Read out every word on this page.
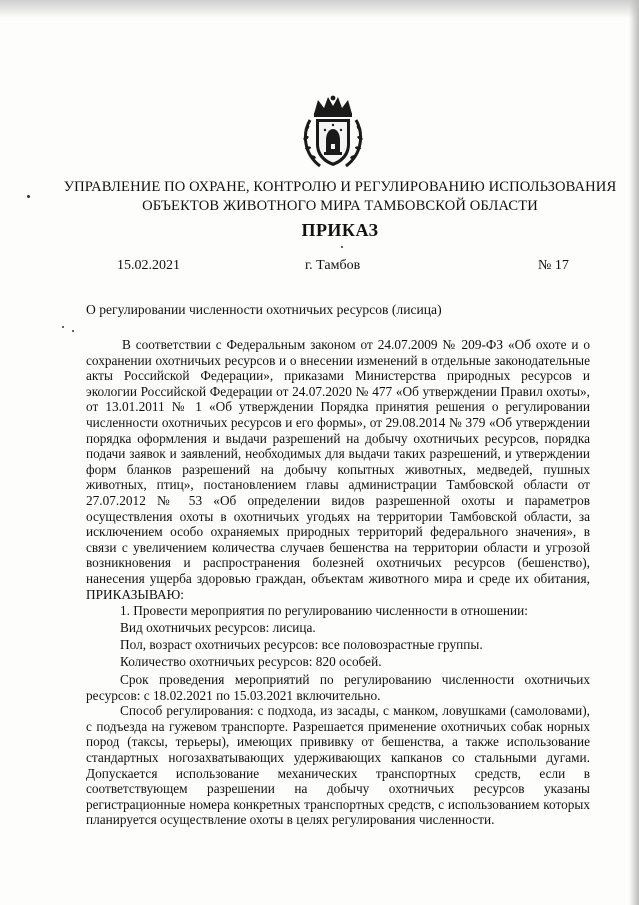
УПРАВЛЕНИЕ ПО ОХРАНЕ, КОНТРОЛЮ И РЕГУЛИРОВАНИЮ ИСПОЛЬЗОВАНИЯ ОБЪЕКТОВ ЖИВОТНОГО МИРА ТАМБОВСКОЙ ОБЛАСТИ
ПРИКАЗ
15.02.2021	г. Тамбов	№ 17
О регулировании численности охотничьих ресурсов (лисица)

В соответствии с Федеральным законом от 24.07.2009 № 209-ФЗ «Об охоте и о сохранении охотничьих ресурсов и о внесении изменений в отдельные законодательные акты Российской Федерации», приказами Министерства природных ресурсов и экологии Российской Федерации от 24.07.2020 № 477 «Об утверждении Правил охоты», от 13.01.2011 № 1 «Об утверждении Порядка принятия решения о регулировании численности охотничьих ресурсов и его формы», от 29.08.2014 № 379 «Об утверждении порядка оформления и выдачи разрешений на добычу охотничьих ресурсов, порядка подачи заявок и заявлений, необходимых для выдачи таких разрешений, и утверждении форм бланков разрешений на добычу копытных животных, медведей, пушных животных, птиц», постановлением главы администрации Тамбовской области от 27.07.2012 № 53 «Об определении видов разрешенной охоты и параметров осуществления охоты в охотничьих угодьях на территории Тамбовской области, за исключением особо охраняемых природных территорий федерального значения», в связи с увеличением количества случаев бешенства на территории области и угрозой возникновения и распространения болезней охотничьих ресурсов (бешенство), нанесения ущерба здоровью граждан, объектам животного мира и среде их обитания, ПРИКАЗЫВАЮ:

1. Провести мероприятия по регулированию численности в отношении:

Вид охотничьих ресурсов: лисица.

Пол, возраст охотничьих ресурсов: все половозрастные группы.

Количество охотничьих ресурсов: 820 особей.

Срок проведения мероприятий по регулированию численности охотничьих ресурсов: с 18.02.2021 по 15.03.2021 включительно.

Способ регулирования: с подхода, из засады, с манком, ловушками (самоловами), с подъезда на гужевом транспорте. Разрешается применение охотничьих собак норных пород (таксы, терьеры), имеющих прививку от бешенства, а также использование стандартных ногозахватывающих удерживающих капканов со стальными дугами. Допускается использование механических транспортных средств, если в соответствующем разрешении на добычу охотничьих ресурсов указаны регистрационные номера конкретных транспортных средств, с использованием которых планируется осуществление охоты в целях регулирования численности.
